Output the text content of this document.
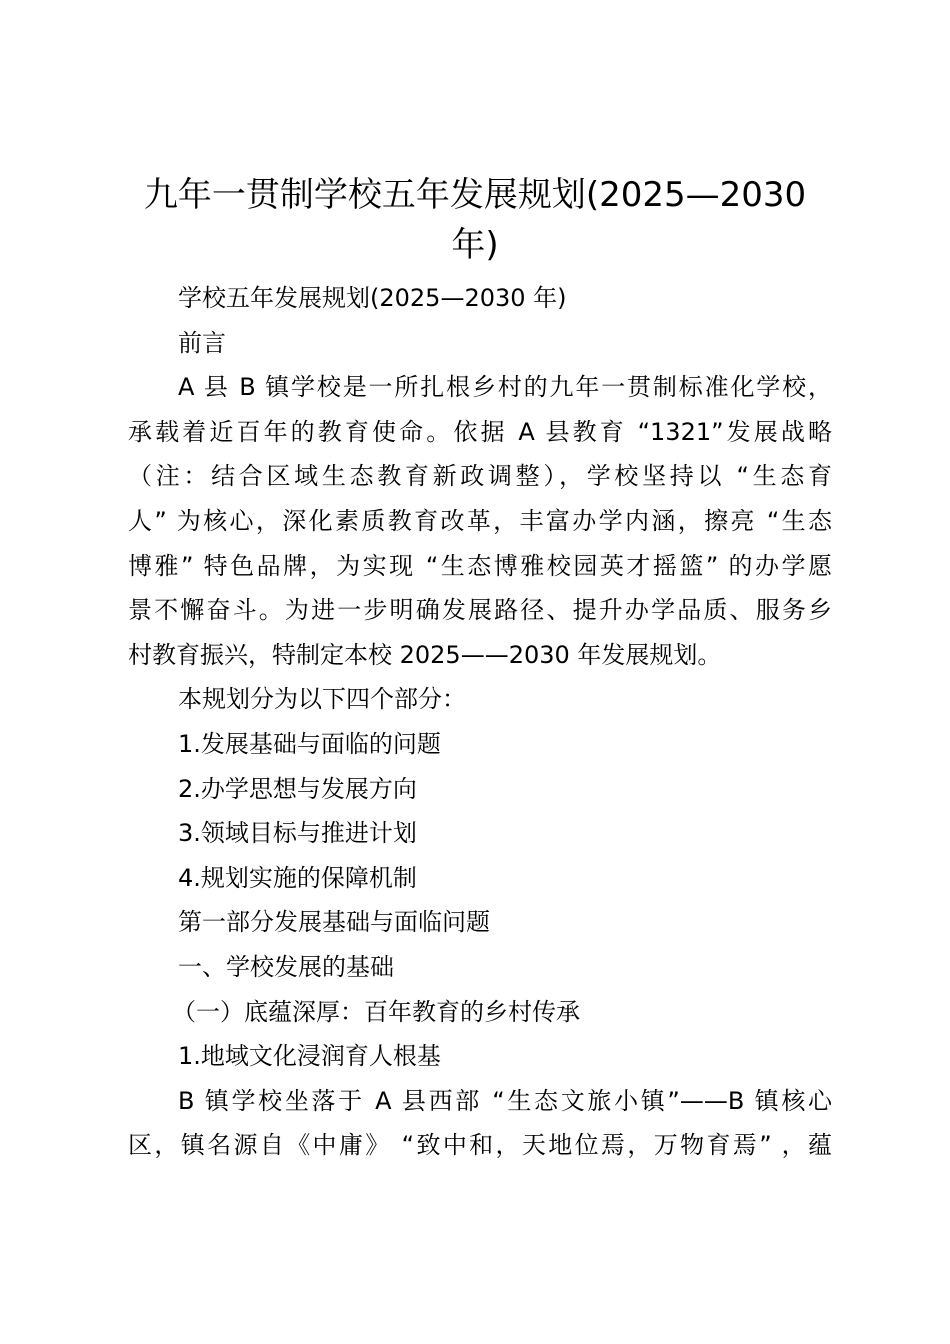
九年一贯制学校五年发展规划(2025—2030
年)

学校五年发展规划(2025—2030 年)

前言

A 县 B 镇学校是一所扎根乡村的九年一贯制标准化学校，
承载着近百年的教育使命。依据 A 县教育 “1321”发展战略
（注：结合区域生态教育新政调整），学校坚持以 “生态育
人” 为核心，深化素质教育改革，丰富办学内涵，擦亮 “生态
博雅” 特色品牌，为实现 “生态博雅校园英才摇篮” 的办学愿
景不懈奋斗。为进一步明确发展路径、提升办学品质、服务乡
村教育振兴，特制定本校 2025——2030 年发展规划。

本规划分为以下四个部分：

1.发展基础与面临的问题

2.办学思想与发展方向

3.领域目标与推进计划

4.规划实施的保障机制

第一部分发展基础与面临问题

一、学校发展的基础

（一）底蕴深厚：百年教育的乡村传承

1.地域文化浸润育人根基

B 镇学校坐落于 A 县西部 “生态文旅小镇”——B 镇核心
区，镇名源自《中庸》 “致中和，天地位焉，万物育焉” ，蕴
